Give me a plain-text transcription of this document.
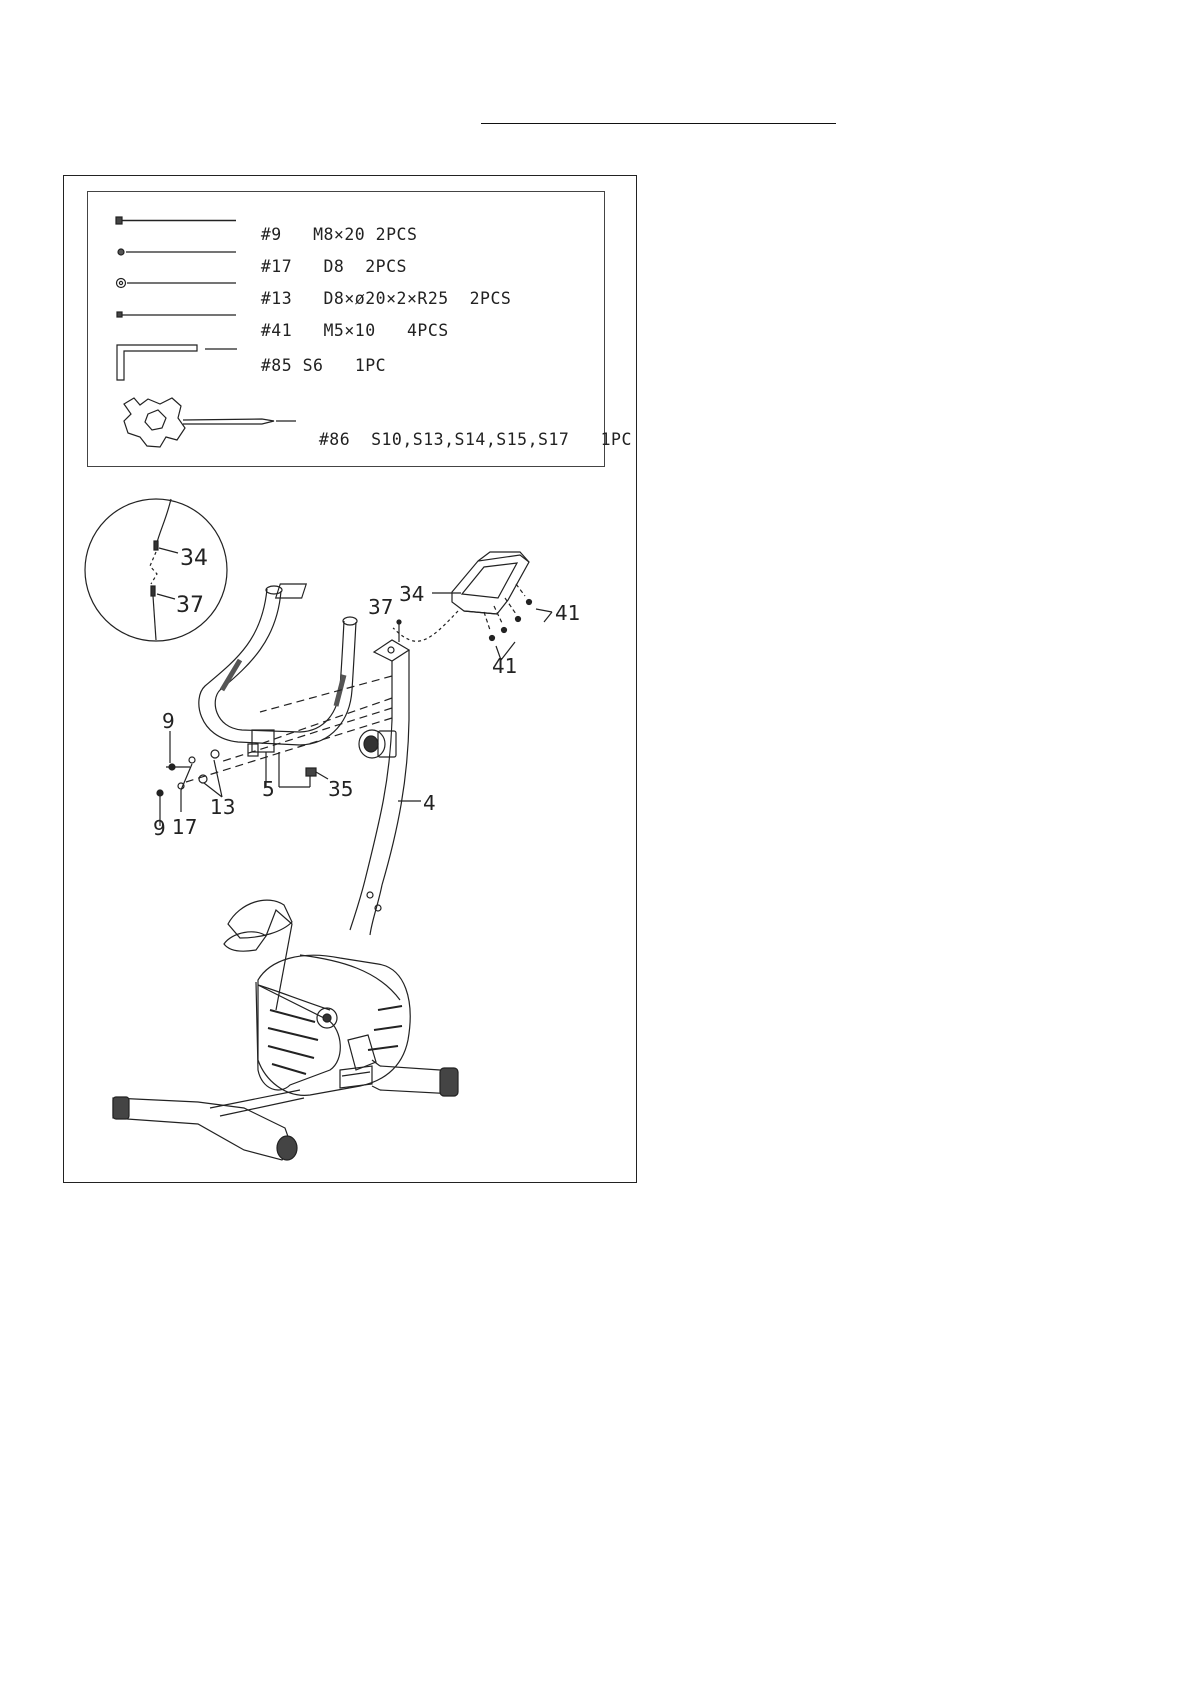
#9 M8×20 2PCS

#17 D8 2PCS

#13 D8×ø20×2×R25 2PCS

#41 M5×10 4PCS

#85 S6 1PC

#86 S10,S13,S14,S15,S17 1PC

34
37	34
37	41
41
9
9 17
13
5	35
4
